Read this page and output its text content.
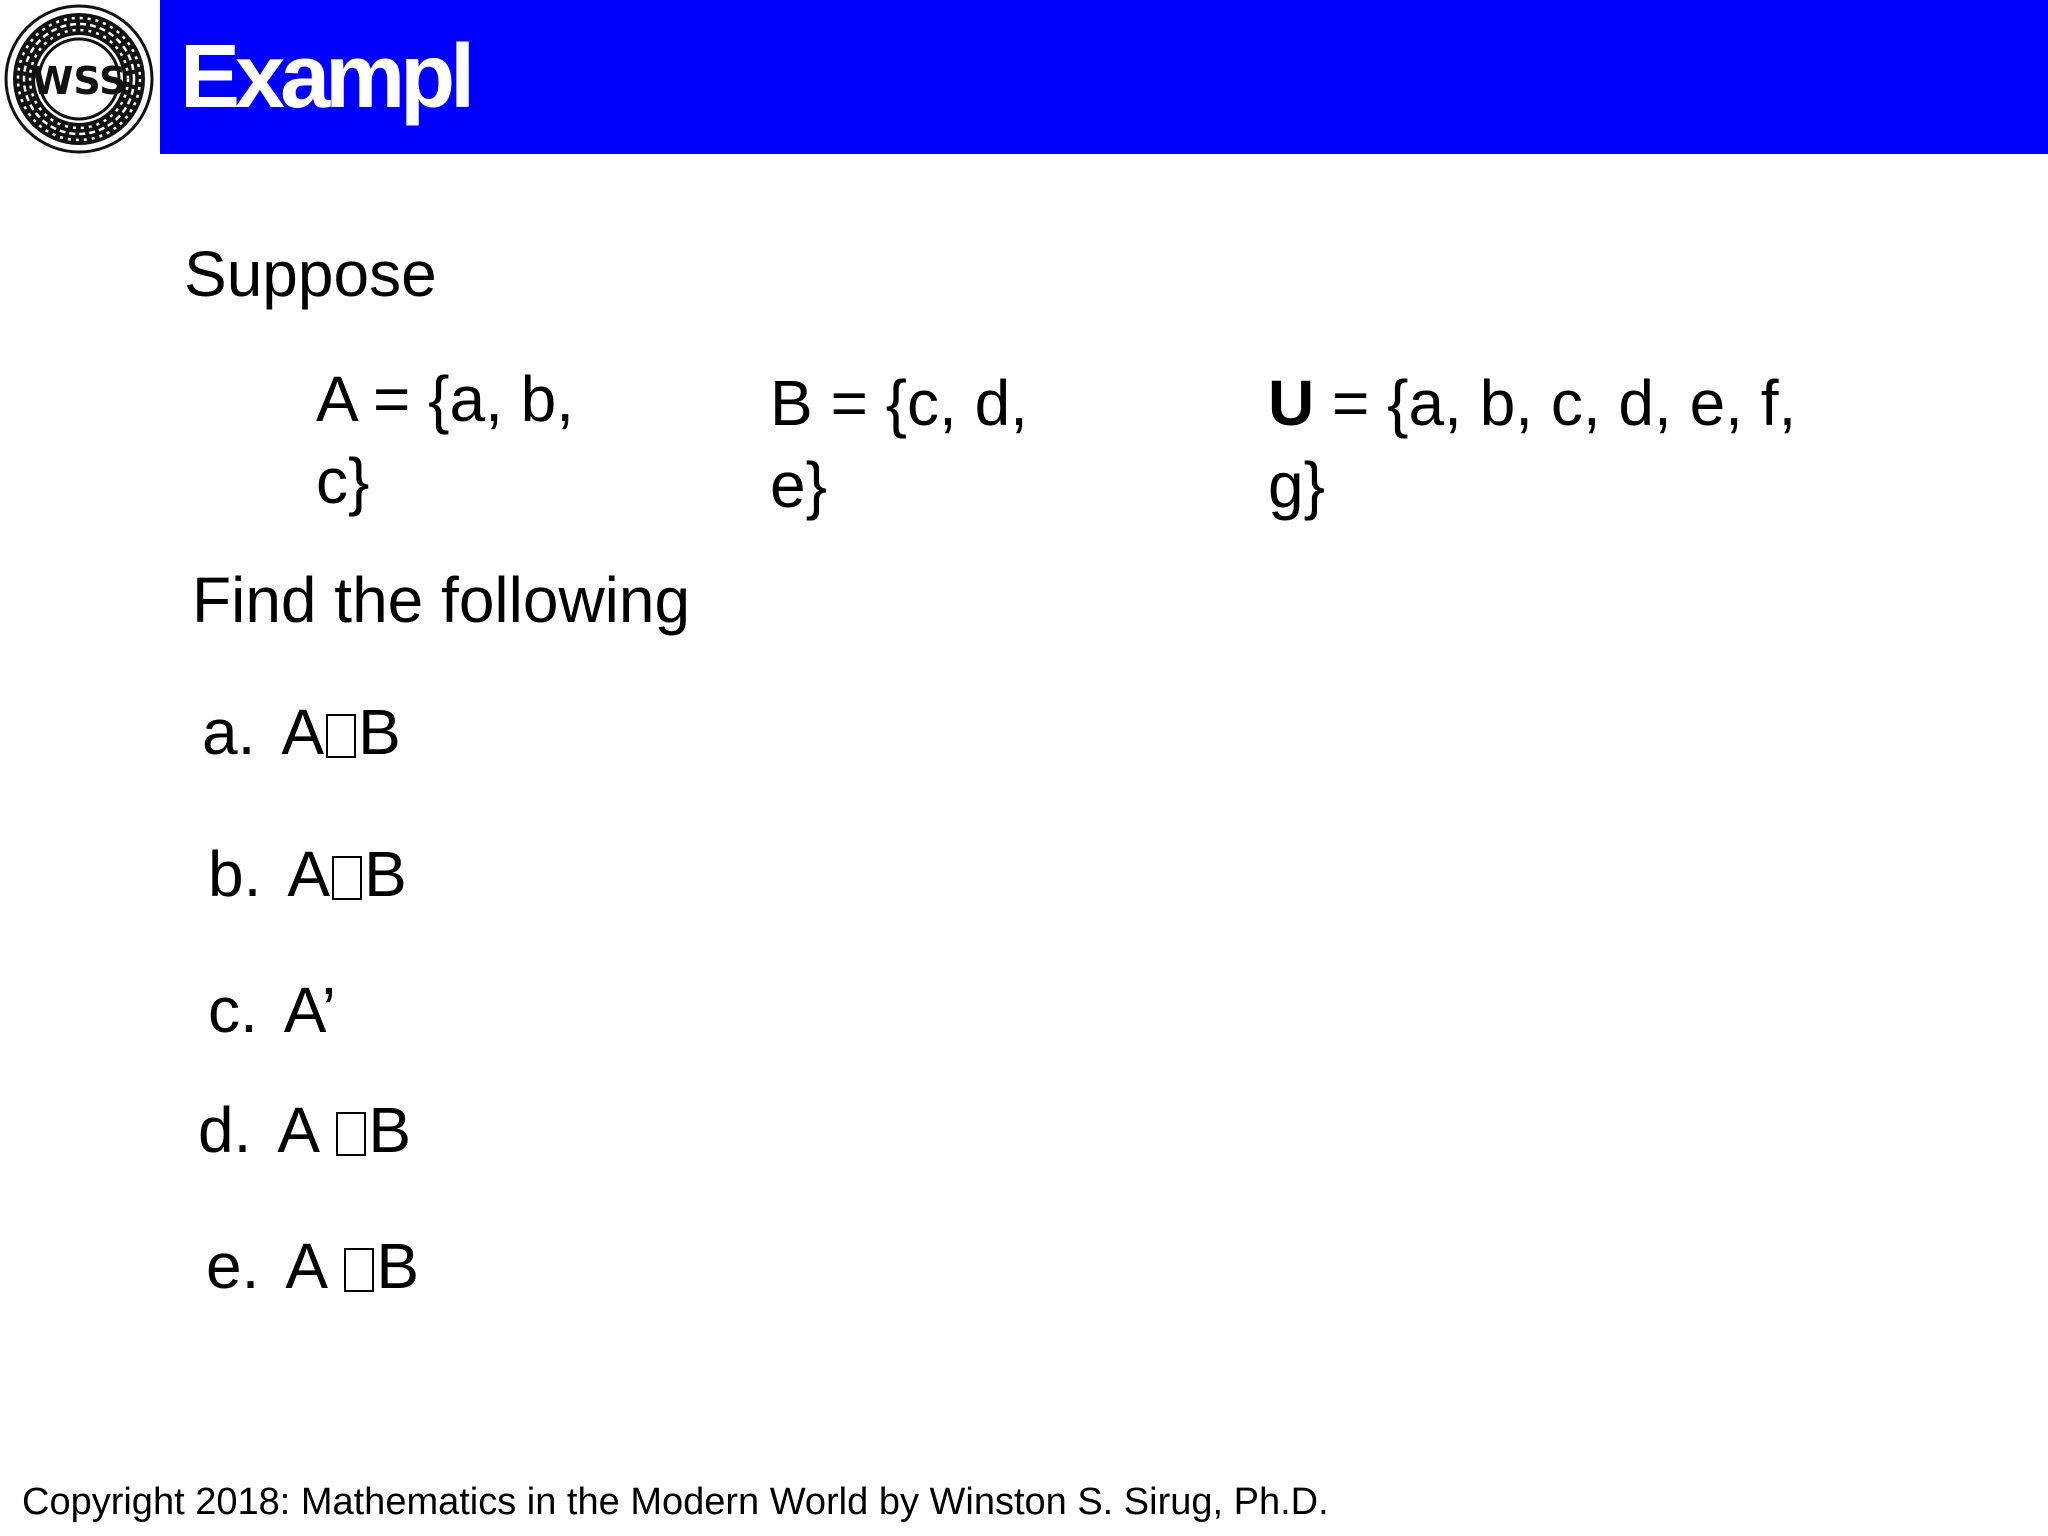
WSS Exampl
Suppose
A = {a, b, c}
B = {c, d, e}
U = {a, b, c, d, e, f, g}
Find the following
a. A B
b. A B
c. A’
d. A B
e. A B
Copyright 2018: Mathematics in the Modern World by Winston S. Sirug, Ph.D.
